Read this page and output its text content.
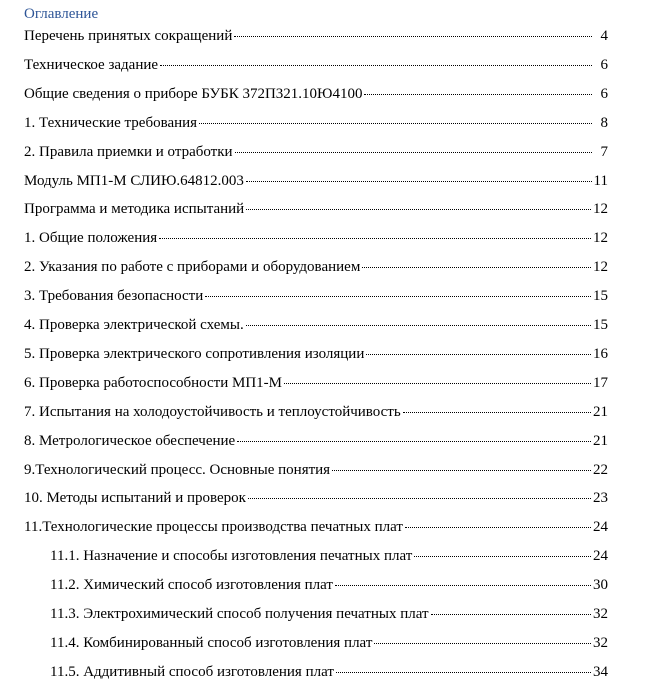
Оглавление
Перечень принятых сокращений	4
Техническое задание	6
Общие сведения о приборе БУБК 372П321.10Ю4100	6
1. Технические требования	8
2. Правила приемки и отработки	7
Модуль МП1-М СЛИЮ.64812.003	11
Программа и методика испытаний	12
1. Общие положения	12
2. Указания по работе с приборами и оборудованием	12
3. Требования безопасности	15
4. Проверка электрической схемы.	15
5. Проверка электрического сопротивления изоляции	16
6. Проверка работоспособности МП1-М	17
7. Испытания на холодоустойчивость и теплоустойчивость	21
8. Метрологическое обеспечение	21
9.Технологический процесс. Основные понятия	22
10. Методы испытаний и проверок	23
11.Технологические процессы производства печатных плат	24
11.1. Назначение и способы изготовления печатных плат	24
11.2. Химический способ изготовления плат	30
11.3. Электрохимический способ получения печатных плат	32
11.4. Комбинированный способ изготовления плат	32
11.5. Аддитивный способ изготовления плат	34
